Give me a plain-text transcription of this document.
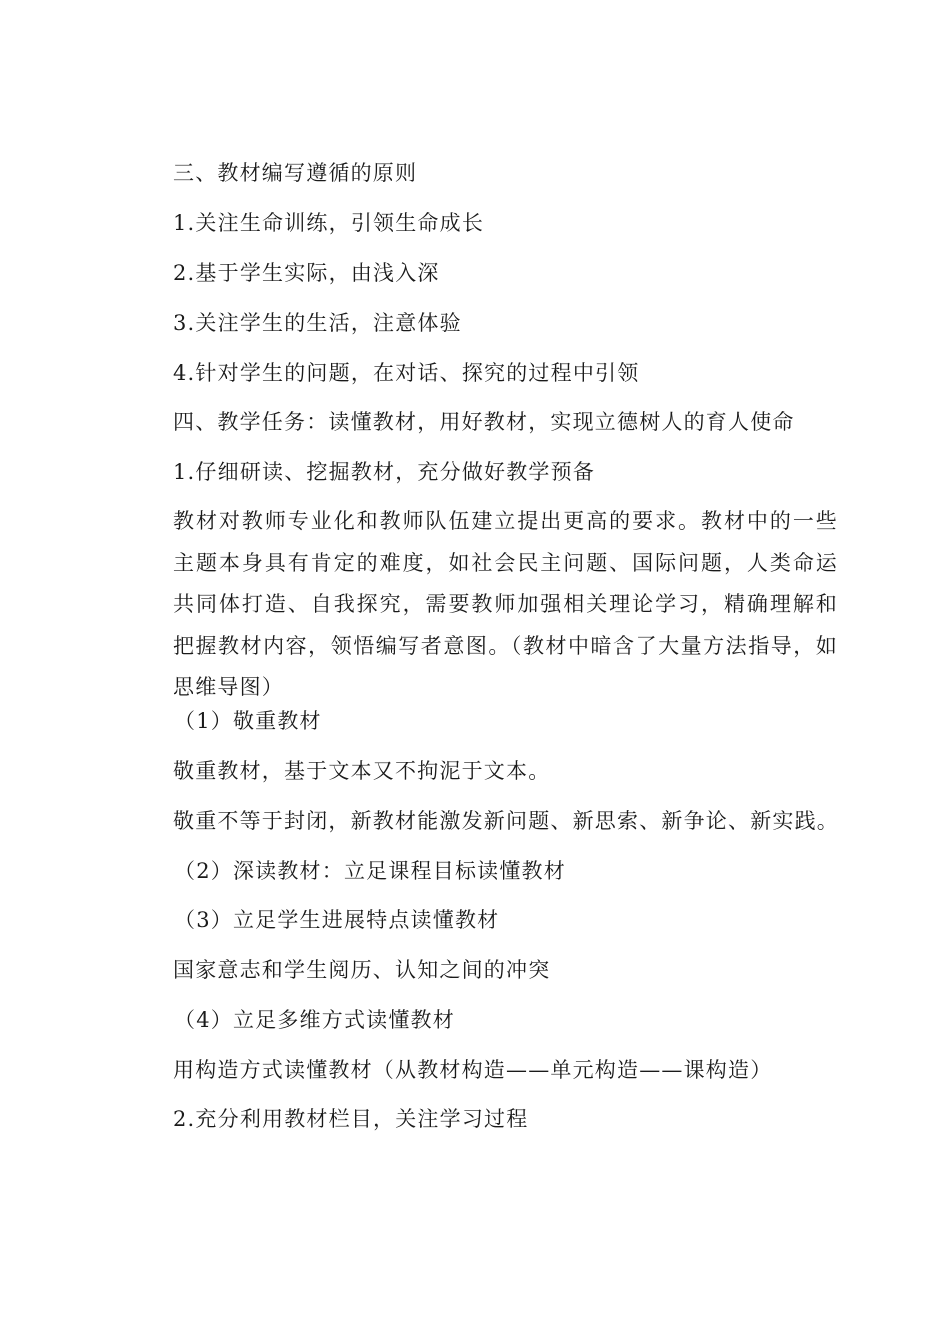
三、教材编写遵循的原则
1.关注生命训练，引领生命成长
2.基于学生实际，由浅入深
3.关注学生的生活，注意体验
4.针对学生的问题，在对话、探究的过程中引领
四、教学任务：读懂教材，用好教材，实现立德树人的育人使命
1.仔细研读、挖掘教材，充分做好教学预备
教材对教师专业化和教师队伍建立提出更高的要求。教材中的一些主题本身具有肯定的难度，如社会民主问题、国际问题，人类命运共同体打造、自我探究，需要教师加强相关理论学习，精确理解和把握教材内容，领悟编写者意图。（教材中暗含了大量方法指导，如思维导图）
（1）敬重教材
敬重教材，基于文本又不拘泥于文本。
敬重不等于封闭，新教材能激发新问题、新思索、新争论、新实践。
（2）深读教材：立足课程目标读懂教材
（3）立足学生进展特点读懂教材
国家意志和学生阅历、认知之间的冲突
（4）立足多维方式读懂教材
用构造方式读懂教材（从教材构造——单元构造——课构造）
2.充分利用教材栏目，关注学习过程
